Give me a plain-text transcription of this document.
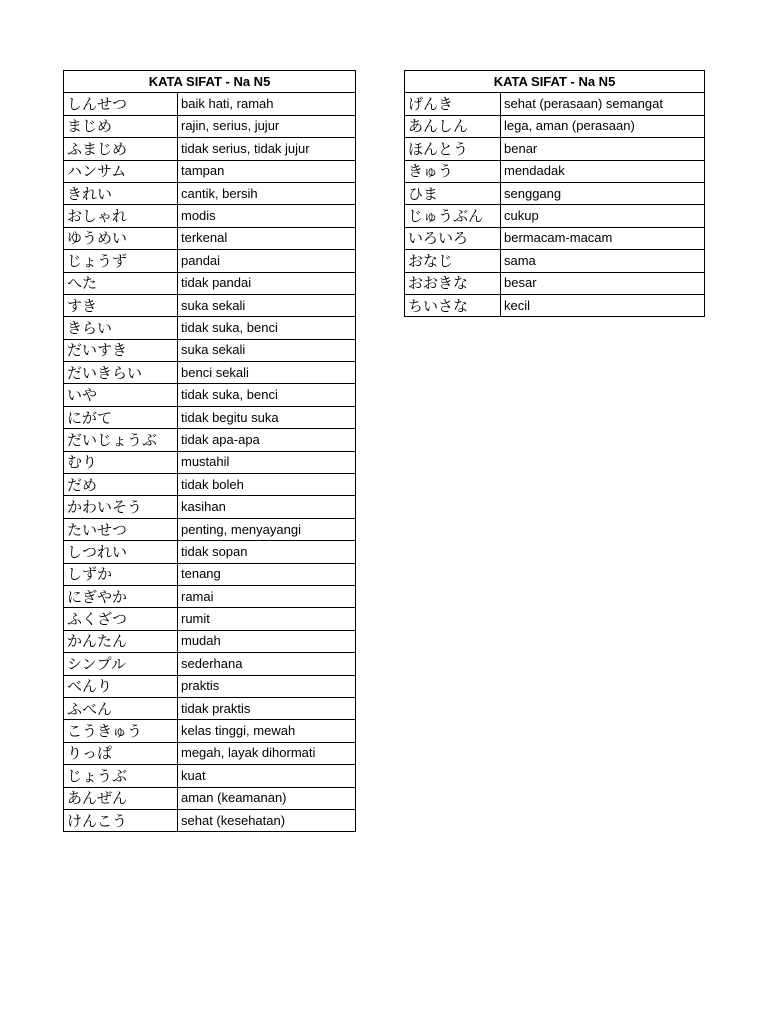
KATA SIFAT - Na N5	
しんせつ	baik hati, ramah
まじめ	rajin, serius, jujur
ふまじめ	tidak serius, tidak jujur
ハンサム	tampan
きれい	cantik, bersih
おしゃれ	modis
ゆうめい	terkenal
じょうず	pandai
へた	tidak pandai
すき	suka sekali
きらい	tidak suka, benci
だいすき	suka sekali
だいきらい	benci sekali
いや	tidak suka, benci
にがて	tidak begitu suka
だいじょうぶ	tidak apa-apa
むり	mustahil
だめ	tidak boleh
かわいそう	kasihan
たいせつ	penting, menyayangi
しつれい	tidak sopan
しずか	tenang
にぎやか	ramai
ふくざつ	rumit
かんたん	mudah
シンプル	sederhana
べんり	praktis
ふべん	tidak praktis
こうきゅう	kelas tinggi, mewah
りっぱ	megah, layak dihormati
じょうぶ	kuat
あんぜん	aman (keamanan)
けんこう	sehat (kesehatan)
KATA SIFAT - Na N5	
げんき	sehat (perasaan) semangat
あんしん	lega, aman (perasaan)
ほんとう	benar
きゅう	mendadak
ひま	senggang
じゅうぶん	cukup
いろいろ	bermacam-macam
おなじ	sama
おおきな	besar
ちいさな	kecil
